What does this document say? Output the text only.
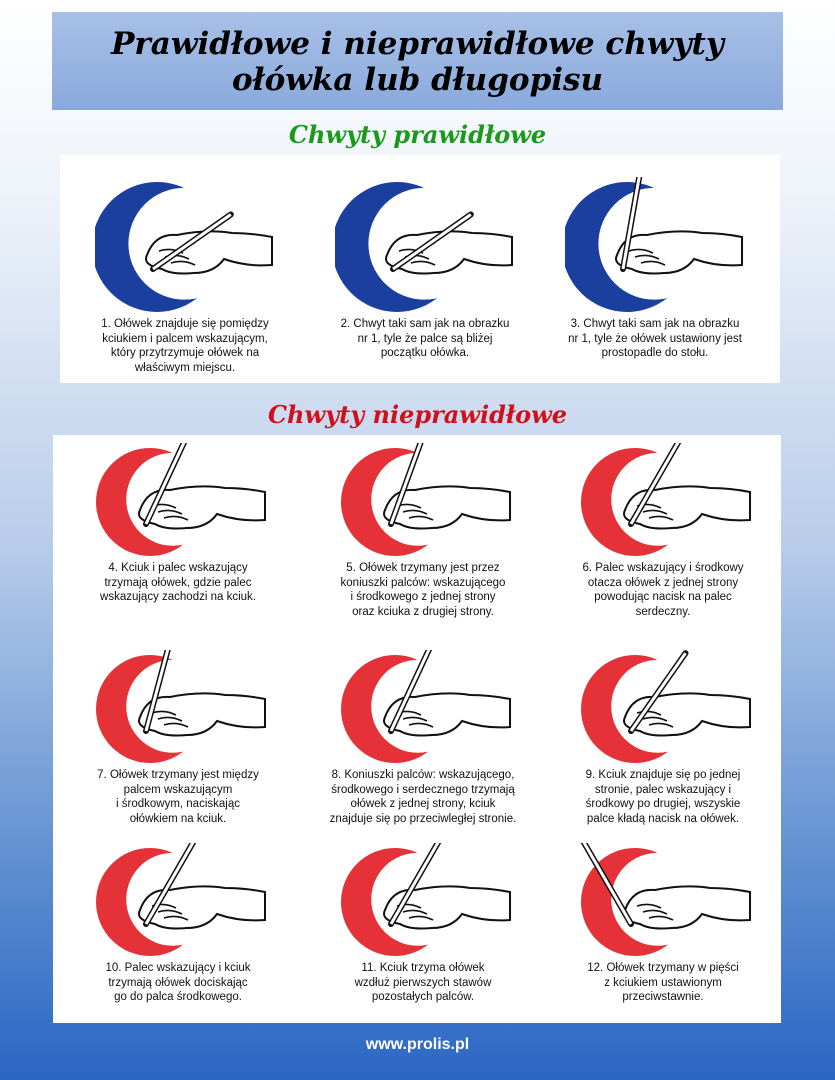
Prawidłowe i nieprawidłowe chwyty
ołówka lub długopisu
Chwyty prawidłowe
1. Ołówek znajduje się pomiędzy
kciukiem i palcem wskazującym,
który przytrzymuje ołówek na
właściwym miejscu.
2. Chwyt taki sam jak na obrazku
nr 1, tyle że palce są bliżej
początku ołówka.
3. Chwyt taki sam jak na obrazku
nr 1, tyle że ołówek ustawiony jest
prostopadle do stołu.
Chwyty nieprawidłowe
4. Kciuk i palec wskazujący
trzymają ołówek, gdzie palec
wskazujący zachodzi na kciuk.
5. Ołówek trzymany jest przez
koniuszki palców: wskazującego
i środkowego z jednej strony
oraz kciuka z drugiej strony.
6. Palec wskazujący i środkowy
otacza ołówek z jednej strony
powodując nacisk na palec
serdeczny.
7. Ołówek trzymany jest między
palcem wskazującym
i środkowym, naciskając
ołówkiem na kciuk.
8. Koniuszki palców: wskazującego,
środkowego i serdecznego trzymają
ołówek z jednej strony, kciuk
znajduje się po przeciwległej stronie.
9. Kciuk znajduje się po jednej
stronie, palec wskazujący i
środkowy po drugiej, wszyskie
palce kładą nacisk na ołówek.
10. Palec wskazujący i kciuk
trzymają ołówek dociskając
go do palca środkowego.
11. Kciuk trzyma ołówek
wzdłuż pierwszych stawów
pozostałych palców.
12. Ołówek trzymany w pięści
z kciukiem ustawionym
przeciwstawnie.
www.prolis.pl
